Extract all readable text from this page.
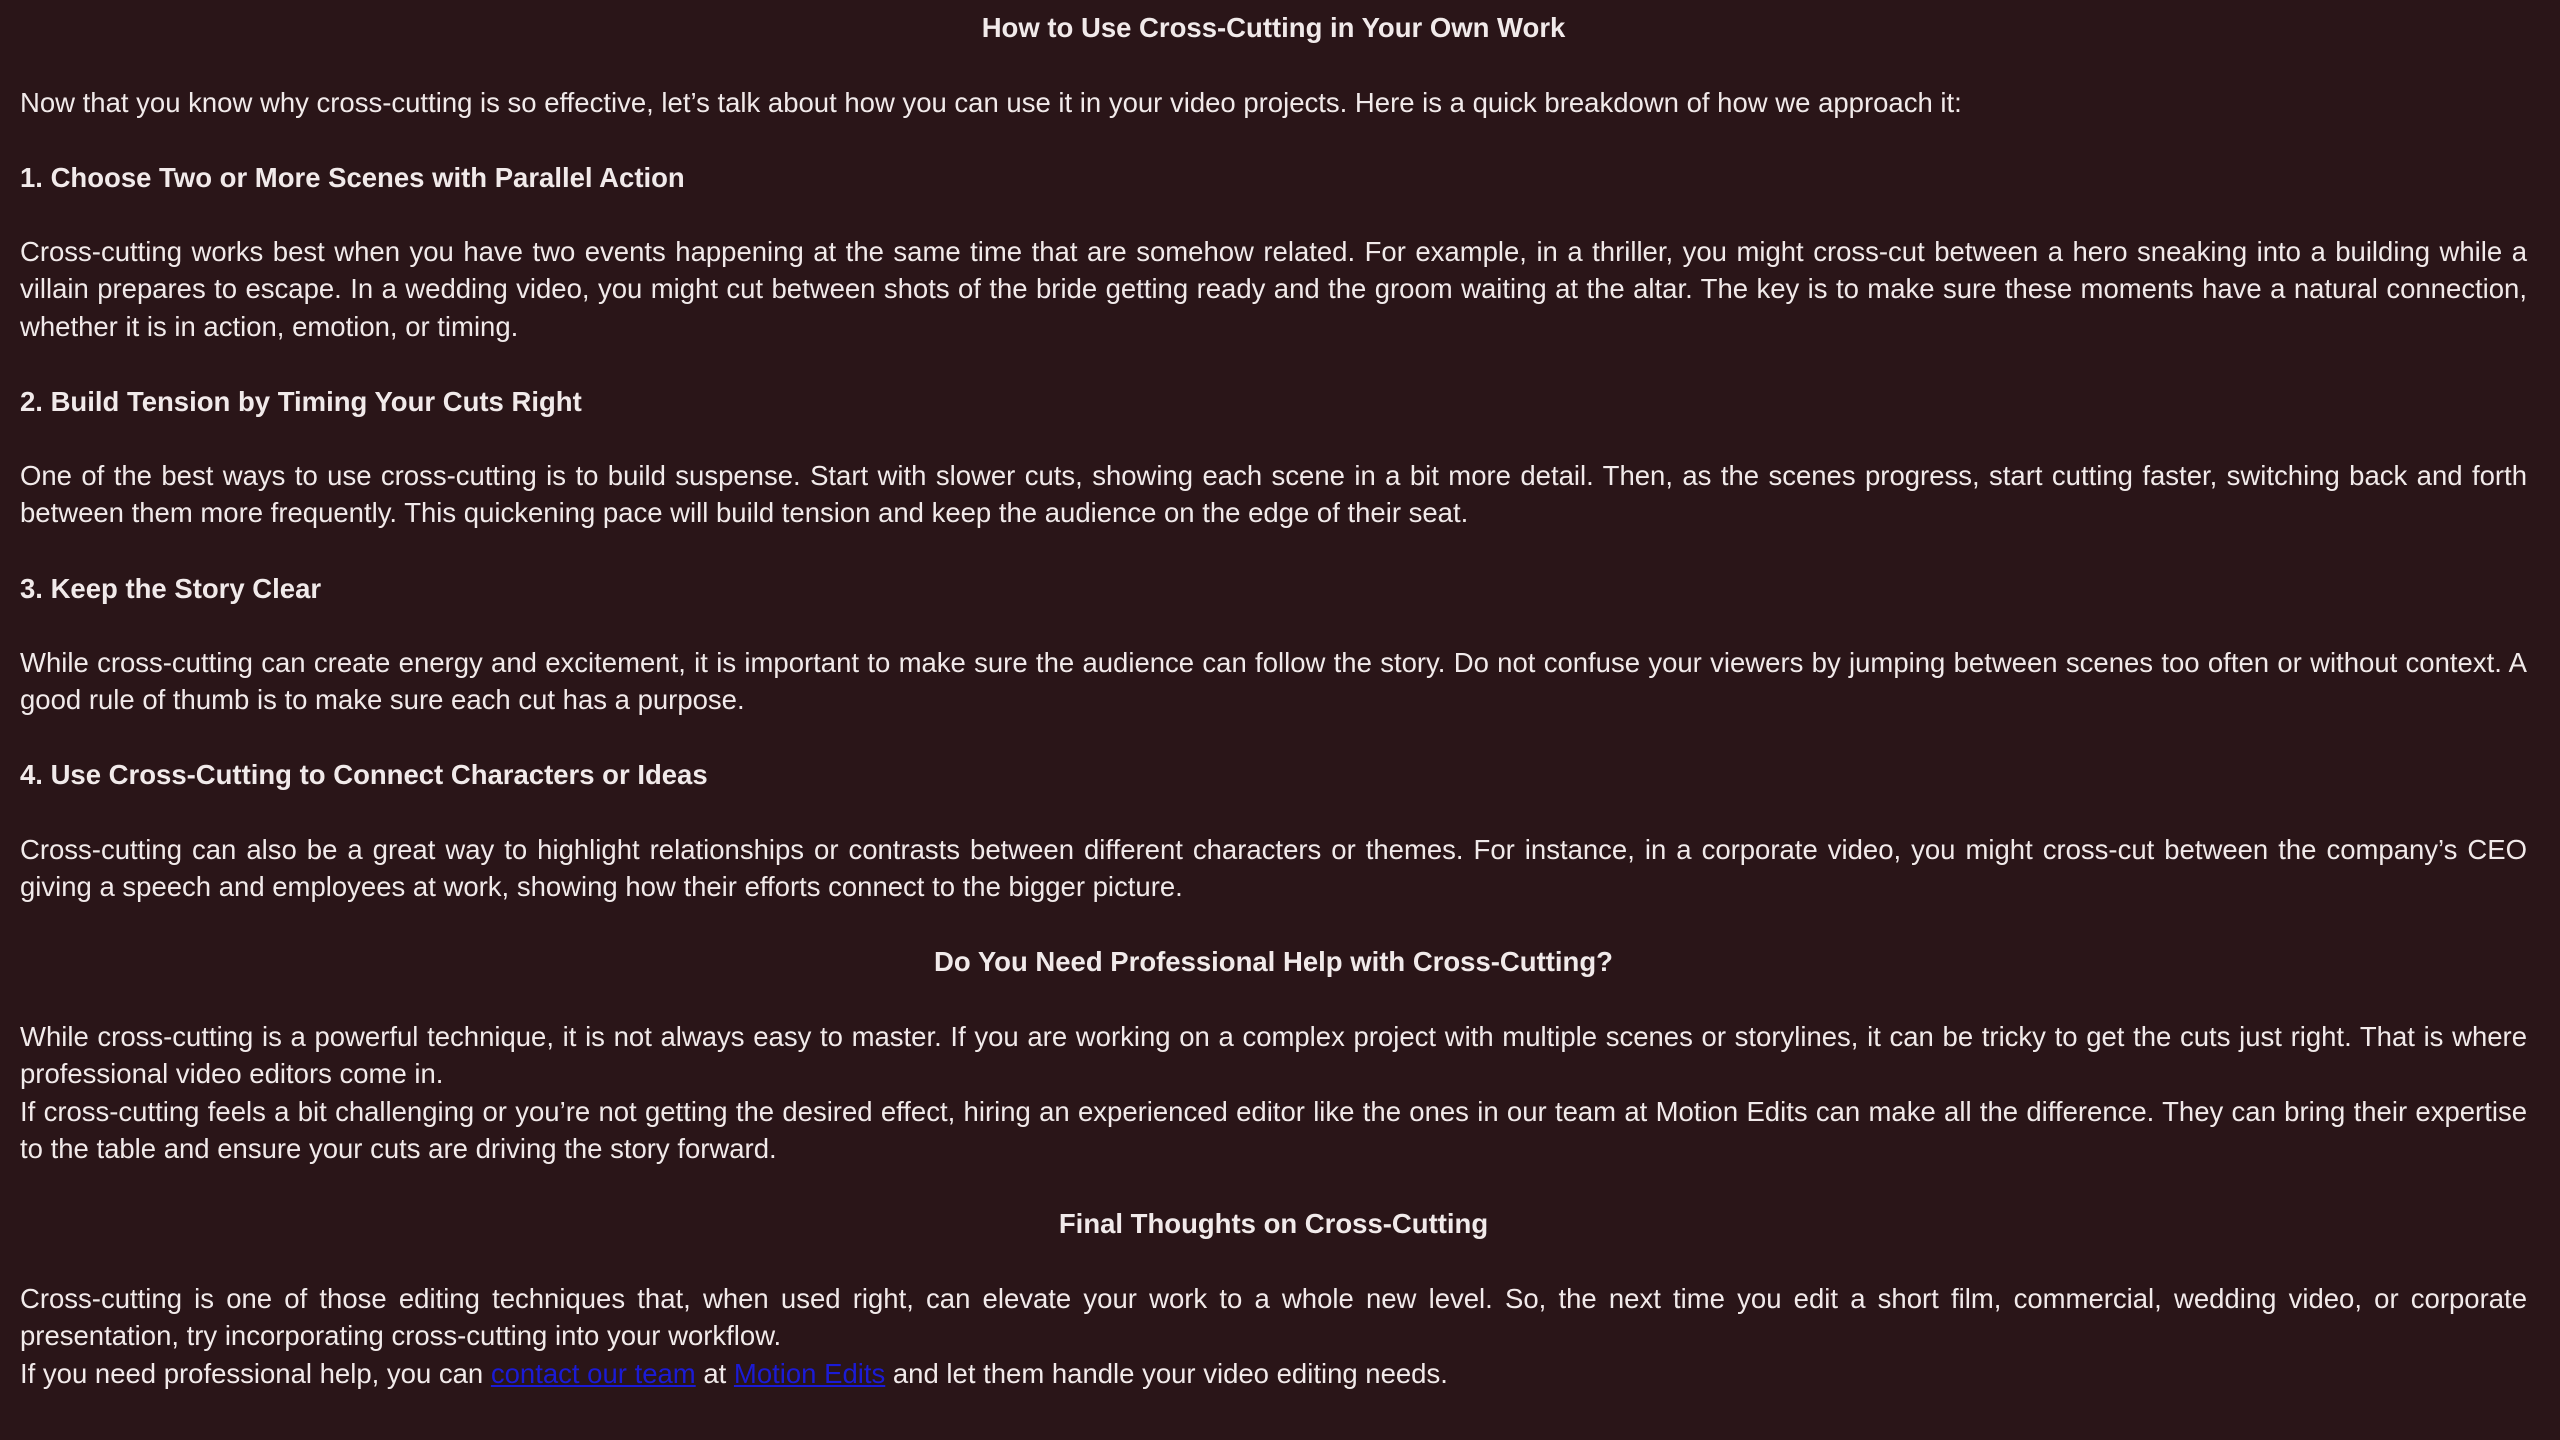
How to Use Cross-Cutting in Your Own Work

Now that you know why cross-cutting is so effective, let’s talk about how you can use it in your video projects. Here is a quick breakdown of how we approach it:

1. Choose Two or More Scenes with Parallel Action

Cross-cutting works best when you have two events happening at the same time that are somehow related. For example, in a thriller, you might cross-cut between a hero sneaking into a building while a villain prepares to escape. In a wedding video, you might cut between shots of the bride getting ready and the groom waiting at the altar. The key is to make sure these moments have a natural connection, whether it is in action, emotion, or timing.

2. Build Tension by Timing Your Cuts Right

One of the best ways to use cross-cutting is to build suspense. Start with slower cuts, showing each scene in a bit more detail. Then, as the scenes progress, start cutting faster, switching back and forth between them more frequently. This quickening pace will build tension and keep the audience on the edge of their seat.

3. Keep the Story Clear

While cross-cutting can create energy and excitement, it is important to make sure the audience can follow the story. Do not confuse your viewers by jumping between scenes too often or without context. A good rule of thumb is to make sure each cut has a purpose.

4. Use Cross-Cutting to Connect Characters or Ideas

Cross-cutting can also be a great way to highlight relationships or contrasts between different characters or themes. For instance, in a corporate video, you might cross-cut between the company’s CEO giving a speech and employees at work, showing how their efforts connect to the bigger picture.

Do You Need Professional Help with Cross-Cutting?

While cross-cutting is a powerful technique, it is not always easy to master. If you are working on a complex project with multiple scenes or storylines, it can be tricky to get the cuts just right. That is where professional video editors come in.

If cross-cutting feels a bit challenging or you’re not getting the desired effect, hiring an experienced editor like the ones in our team at Motion Edits can make all the difference. They can bring their expertise to the table and ensure your cuts are driving the story forward.

Final Thoughts on Cross-Cutting

Cross-cutting is one of those editing techniques that, when used right, can elevate your work to a whole new level. So, the next time you edit a short film, commercial, wedding video, or corporate presentation, try incorporating cross-cutting into your workflow.

If you need professional help, you can contact our team at Motion Edits and let them handle your video editing needs.
